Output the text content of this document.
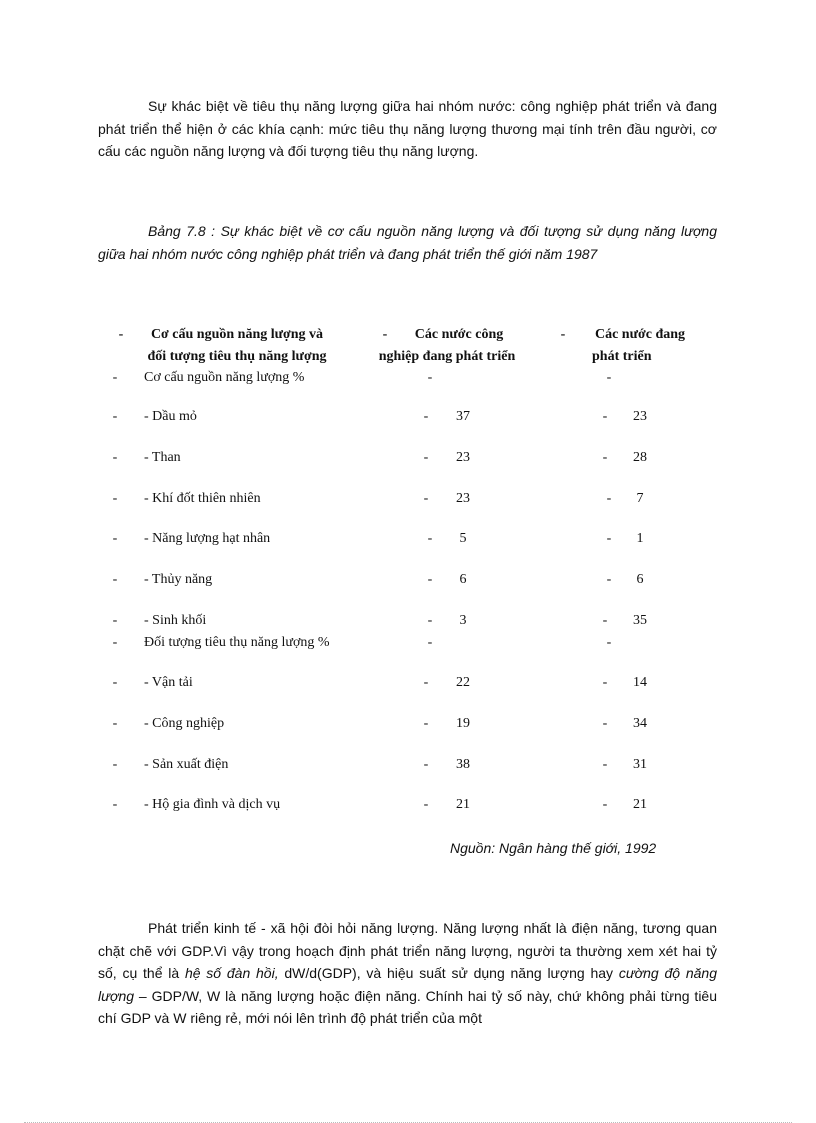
Sự khác biệt về tiêu thụ năng lượng giữa hai nhóm nước: công nghiệp phát triển và đang phát triển thể hiện ở các khía cạnh: mức tiêu thụ năng lượng thương mại tính trên đầu người, cơ cấu các nguồn năng lượng và đối tượng tiêu thụ năng lượng.

Bảng 7.8 : Sự khác biệt về cơ cấu nguồn năng lượng và đối tượng sử dụng năng lượng giữa hai nhóm nước công nghiệp phát triển và đang phát triển thế giới năm 1987

-	Cơ cấu nguồn năng lượng và
đối tượng tiêu thụ năng lượng
-	Các nước công
nghiệp đang phát triển
-	Các nước đang
phát triển
- Cơ cấu nguồn năng lượng %	-	-
- - Dầu mỏ	-	37	-	23
- - Than	-	23	-	28
- - Khí đốt thiên nhiên	-	23	-	7
- - Năng lượng hạt nhân	-	5	-	1
- - Thủy năng	-	6	-	6
- - Sinh khối	-	3	-	35
- Đối tượng tiêu thụ năng lượng %	-	-
- - Vận tải	-	22	-	14
- - Công nghiệp	-	19	-	34
- - Sản xuất điện	-	38	-	31
- - Hộ gia đình và dịch vụ	-	21	-	21
Nguồn: Ngân hàng thế giới, 1992

Phát triển kinh tế - xã hội đòi hỏi năng lượng. Năng lượng nhất là điện năng, tương quan chặt chẽ với GDP.Vì vậy trong hoạch định phát triển năng lượng, người ta thường xem xét hai tỷ số, cụ thể là hệ số đàn hồi, dW/d(GDP), và hiệu suất sử dụng năng lượng hay cường độ năng lượng – GDP/W, W là năng lượng hoặc điện năng. Chính hai tỷ số này, chứ không phải từng tiêu chí GDP và W riêng rẻ, mới nói lên trình độ phát triển của một
